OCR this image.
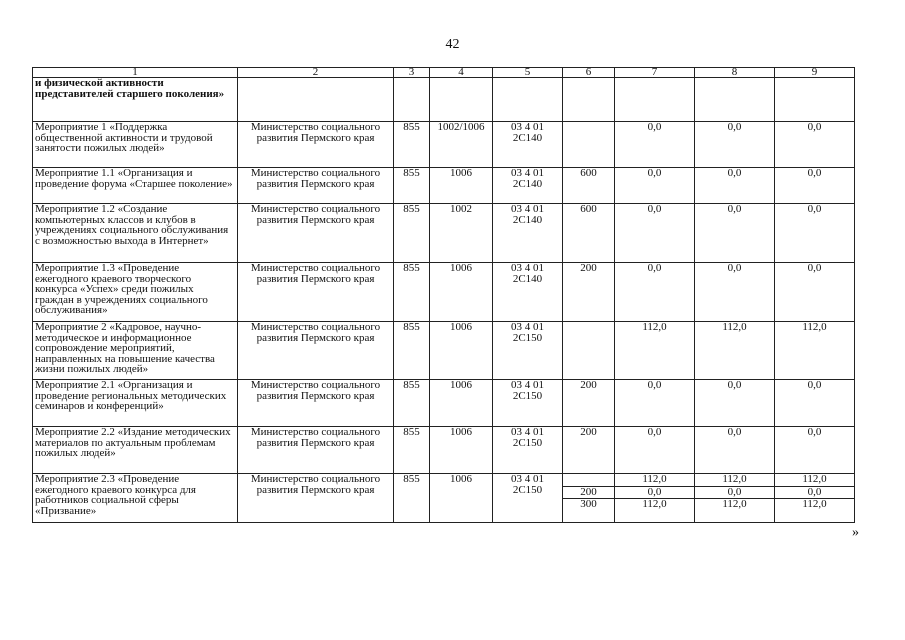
42
1	2	3	4	5	6	7	8	9
и физической активности представителей старшего поколения»								
Мероприятие 1 «Поддержка общественной активности и трудовой занятости пожилых людей»	Министерство социального развития Пермского края	855	1002/1006	03 4 01 2С140		0,0	0,0	0,0
Мероприятие 1.1 «Организация и проведение форума «Старшее поколение»	Министерство социального развития Пермского края	855	1006	03 4 01 2С140	600	0,0	0,0	0,0
Мероприятие 1.2 «Создание компьютерных классов и клубов в учреждениях социального обслуживания с возможностью выхода в Интернет»	Министерство социального развития Пермского края	855	1002	03 4 01 2С140	600	0,0	0,0	0,0
Мероприятие 1.3 «Проведение ежегодного краевого творческого конкурса «Успех» среди пожилых граждан в учреждениях социального обслуживания»	Министерство социального развития Пермского края	855	1006	03 4 01 2С140	200	0,0	0,0	0,0
Мероприятие 2 «Кадровое, научно-методическое и информационное сопровождение мероприятий, направленных на повышение качества жизни пожилых людей»	Министерство социального развития Пермского края	855	1006	03 4 01 2С150		112,0	112,0	112,0
Мероприятие 2.1 «Организация и проведение региональных методических семинаров и конференций»	Министерство социального развития Пермского края	855	1006	03 4 01 2С150	200	0,0	0,0	0,0
Мероприятие 2.2 «Издание методических материалов по актуальным проблемам пожилых людей»	Министерство социального развития Пермского края	855	1006	03 4 01 2С150	200	0,0	0,0	0,0
Мероприятие 2.3 «Проведение ежегодного краевого конкурса для работников социальной сферы «Призвание»	Министерство социального развития Пермского края	855	1006	03 4 01 2С150		112,0	112,0	112,0
					200	0,0	0,0	0,0
					300	112,0	112,0	112,0
»
